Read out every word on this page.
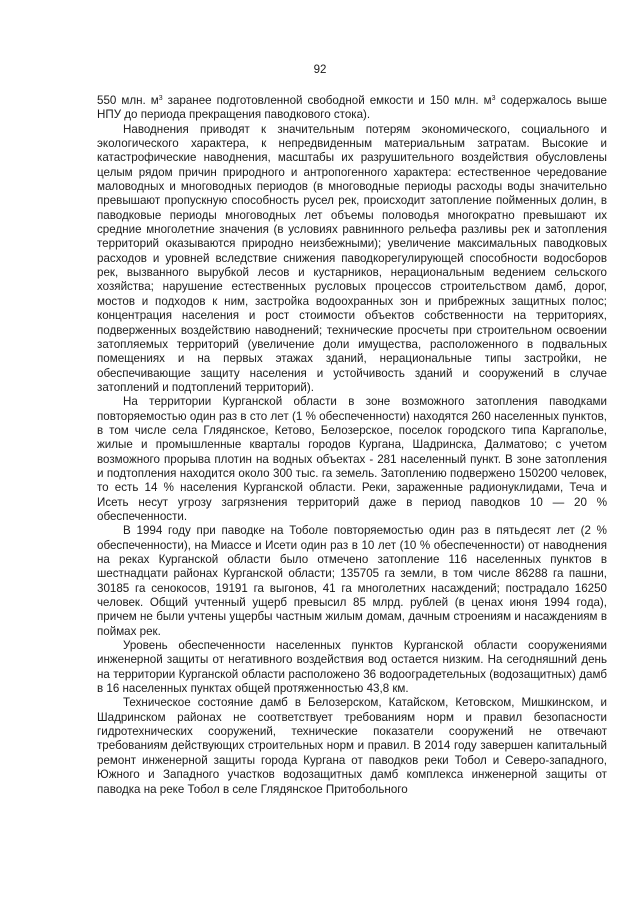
92

550 млн. $м^3$ заранее подготовленной свободной емкости и 150 млн. $м^3$ содержалось выше НПУ до периода прекращения паводкового стока).

Наводнения приводят к значительным потерям экономического, социального и экологического характера, к непредвиденным материальным затратам. Высокие и катастрофические наводнения, масштабы их разрушительного воздействия обусловлены целым рядом причин природного и антропогенного характера: естественное чередование маловодных и многоводных периодов (в многоводные периоды расходы воды значительно превышают пропускную способность русел рек, происходит затопление пойменных долин, в паводковые периоды многоводных лет объемы половодья многократно превышают их средние многолетние значения (в условиях равнинного рельефа разливы рек и затопления территорий оказываются природно неизбежными); увеличение максимальных паводковых расходов и уровней вследствие снижения паводкорегулирующей способности водосборов рек, вызванного вырубкой лесов и кустарников, нерациональным ведением сельского хозяйства; нарушение естественных русловых процессов строительством дамб, дорог, мостов и подходов к ним, застройка водоохранных зон и прибрежных защитных полос; концентрация населения и рост стоимости объектов собственности на территориях, подверженных воздействию наводнений; технические просчеты при строительном освоении затопляемых территорий (увеличение доли имущества, расположенного в подвальных помещениях и на первых этажах зданий, нерациональные типы застройки, не обеспечивающие защиту населения и устойчивость зданий и сооружений в случае затоплений и подтоплений территорий).

На территории Курганской области в зоне возможного затопления паводками повторяемостью один раз в сто лет (1 % обеспеченности) находятся 260 населенных пунктов, в том числе села Глядянское, Кетово, Белозерское, поселок городского типа Каргаполье, жилые и промышленные кварталы городов Кургана, Шадринска, Далматово; с учетом возможного прорыва плотин на водных объектах - 281 населенный пункт. В зоне затопления и подтопления находится около 300 тыс. га земель. Затоплению подвержено 150200 человек, то есть 14 % населения Курганской области. Реки, зараженные радионуклидами, Теча и Исеть несут угрозу загрязнения территорий даже в период паводков 10 — 20 % обеспеченности.

В 1994 году при паводке на Тоболе повторяемостью один раз в пятьдесят лет (2 % обеспеченности), на Миассе и Исети один раз в 10 лет (10 % обеспеченности) от наводнения на реках Курганской области было отмечено затопление 116 населенных пунктов в шестнадцати районах Курганской области; 135705 га земли, в том числе 86288 га пашни, 30185 га сенокосов, 19191 га выгонов, 41 га многолетних насаждений; пострадало 16250 человек. Общий учтенный ущерб превысил 85 млрд. рублей (в ценах июня 1994 года), причем не были учтены ущербы частным жилым домам, дачным строениям и насаждениям в поймах рек.

Уровень обеспеченности населенных пунктов Курганской области сооружениями инженерной защиты от негативного воздействия вод остается низким. На сегодняшний день на территории Курганской области расположено 36 водооградетельных (водозащитных) дамб в 16 населенных пунктах общей протяженностью 43,8 км.

Техническое состояние дамб в Белозерском, Катайском, Кетовском, Мишкинском, и Шадринском районах не соответствует требованиям норм и правил безопасности гидротехнических сооружений, технические показатели сооружений не отвечают требованиям действующих строительных норм и правил. В 2014 году завершен капитальный ремонт инженерной защиты города Кургана от паводков реки Тобол и Северо-западного, Южного и Западного участков водозащитных дамб комплекса инженерной защиты от паводка на реке Тобол в селе Глядянское Притобольного
